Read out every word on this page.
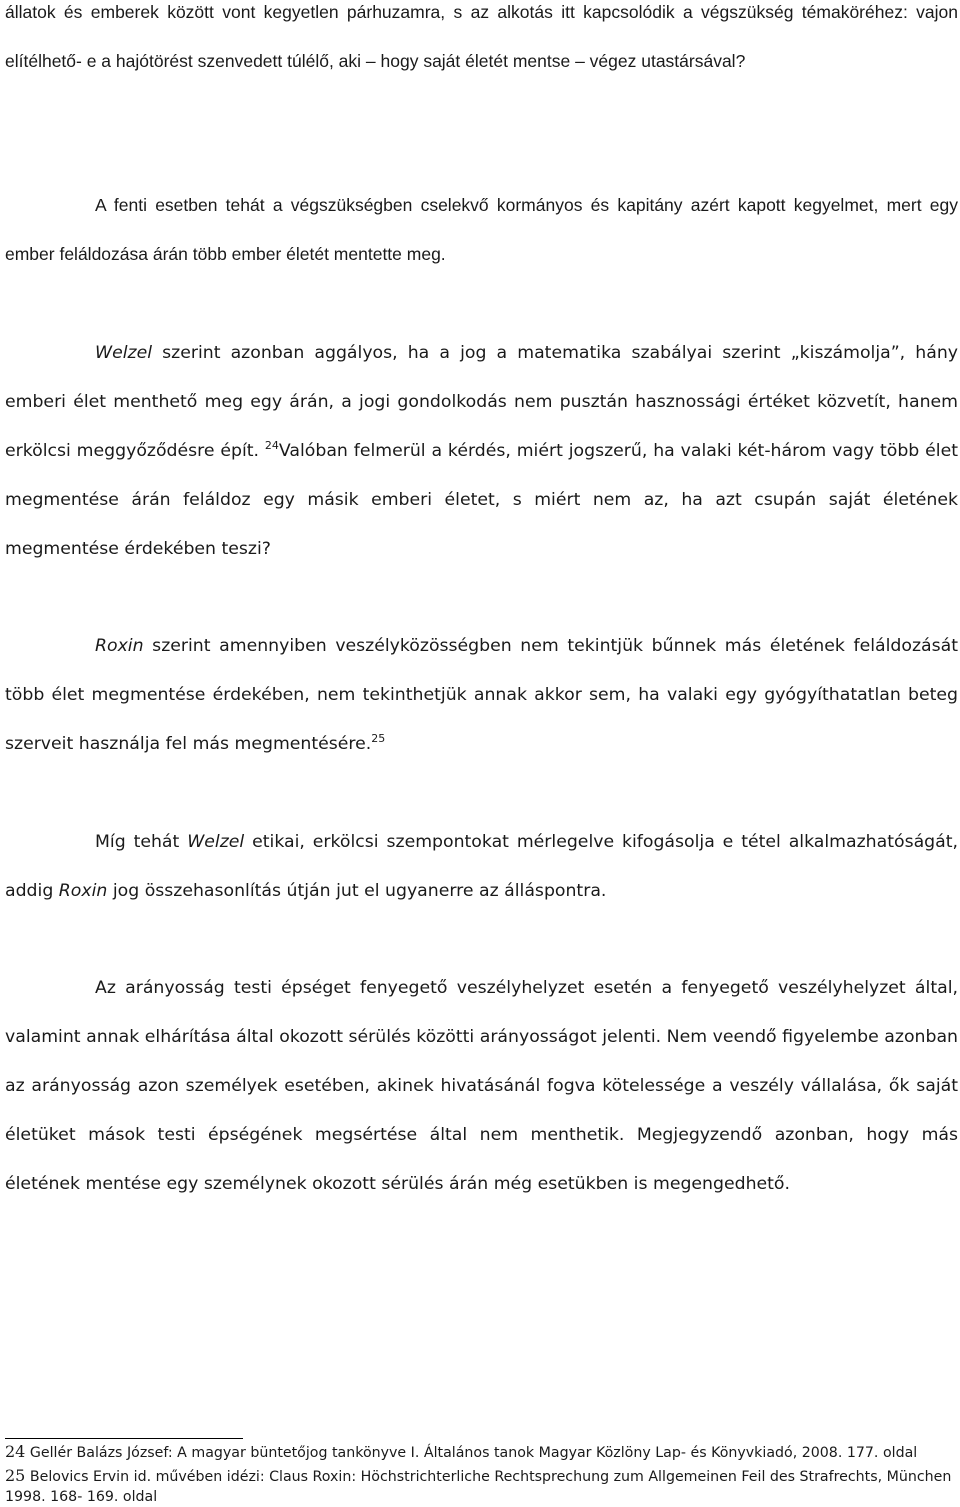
állatok és emberek között vont kegyetlen párhuzamra, s az alkotás itt kapcsolódik a végszükség témaköréhez: vajon elítélhető- e a hajótörést szenvedett túlélő, aki – hogy saját életét mentse – végez utastársával?

A fenti esetben tehát a végszükségben cselekvő kormányos és kapitány azért kapott kegyelmet, mert egy ember feláldozása árán több ember életét mentette meg.

Welzel szerint azonban aggályos, ha a jog a matematika szabályai szerint „kiszámolja”, hány emberi élet menthető meg egy árán, a jogi gondolkodás nem pusztán hasznossági értéket közvetít, hanem erkölcsi meggyőződésre épít. $^{24}$Valóban felmerül a kérdés, miért jogszerű, ha valaki két-három vagy több élet megmentése árán feláldoz egy másik emberi életet, s miért nem az, ha azt csupán saját életének megmentése érdekében teszi?

Roxin szerint amennyiben veszélyközösségben nem tekintjük bűnnek más életének feláldozását több élet megmentése érdekében, nem tekinthetjük annak akkor sem, ha valaki egy gyógyíthatatlan beteg szerveit használja fel más megmentésére.$^{25}$

Míg tehát Welzel etikai, erkölcsi szempontokat mérlegelve kifogásolja e tétel alkalmazhatóságát, addig Roxin jog összehasonlítás útján jut el ugyanerre az álláspontra.

Az arányosság testi épséget fenyegető veszélyhelyzet esetén a fenyegető veszélyhelyzet által, valamint annak elhárítása által okozott sérülés közötti arányosságot jelenti. Nem veendő figyelembe azonban az arányosság azon személyek esetében, akinek hivatásánál fogva kötelessége a veszély vállalása, ők saját életüket mások testi épségének megsértése által nem menthetik. Megjegyzendő azonban, hogy más életének mentése egy személynek okozott sérülés árán még esetükben is megengedhető.

24 Gellér Balázs József: A magyar büntetőjog tankönyve I. Általános tanok Magyar Közlöny Lap- és Könyvkiadó, 2008. 177. oldal

25 Belovics Ervin id. művében idézi: Claus Roxin: Höchstrichterliche Rechtsprechung zum Allgemeinen Feil des Strafrechts, München 1998. 168- 169. oldal
